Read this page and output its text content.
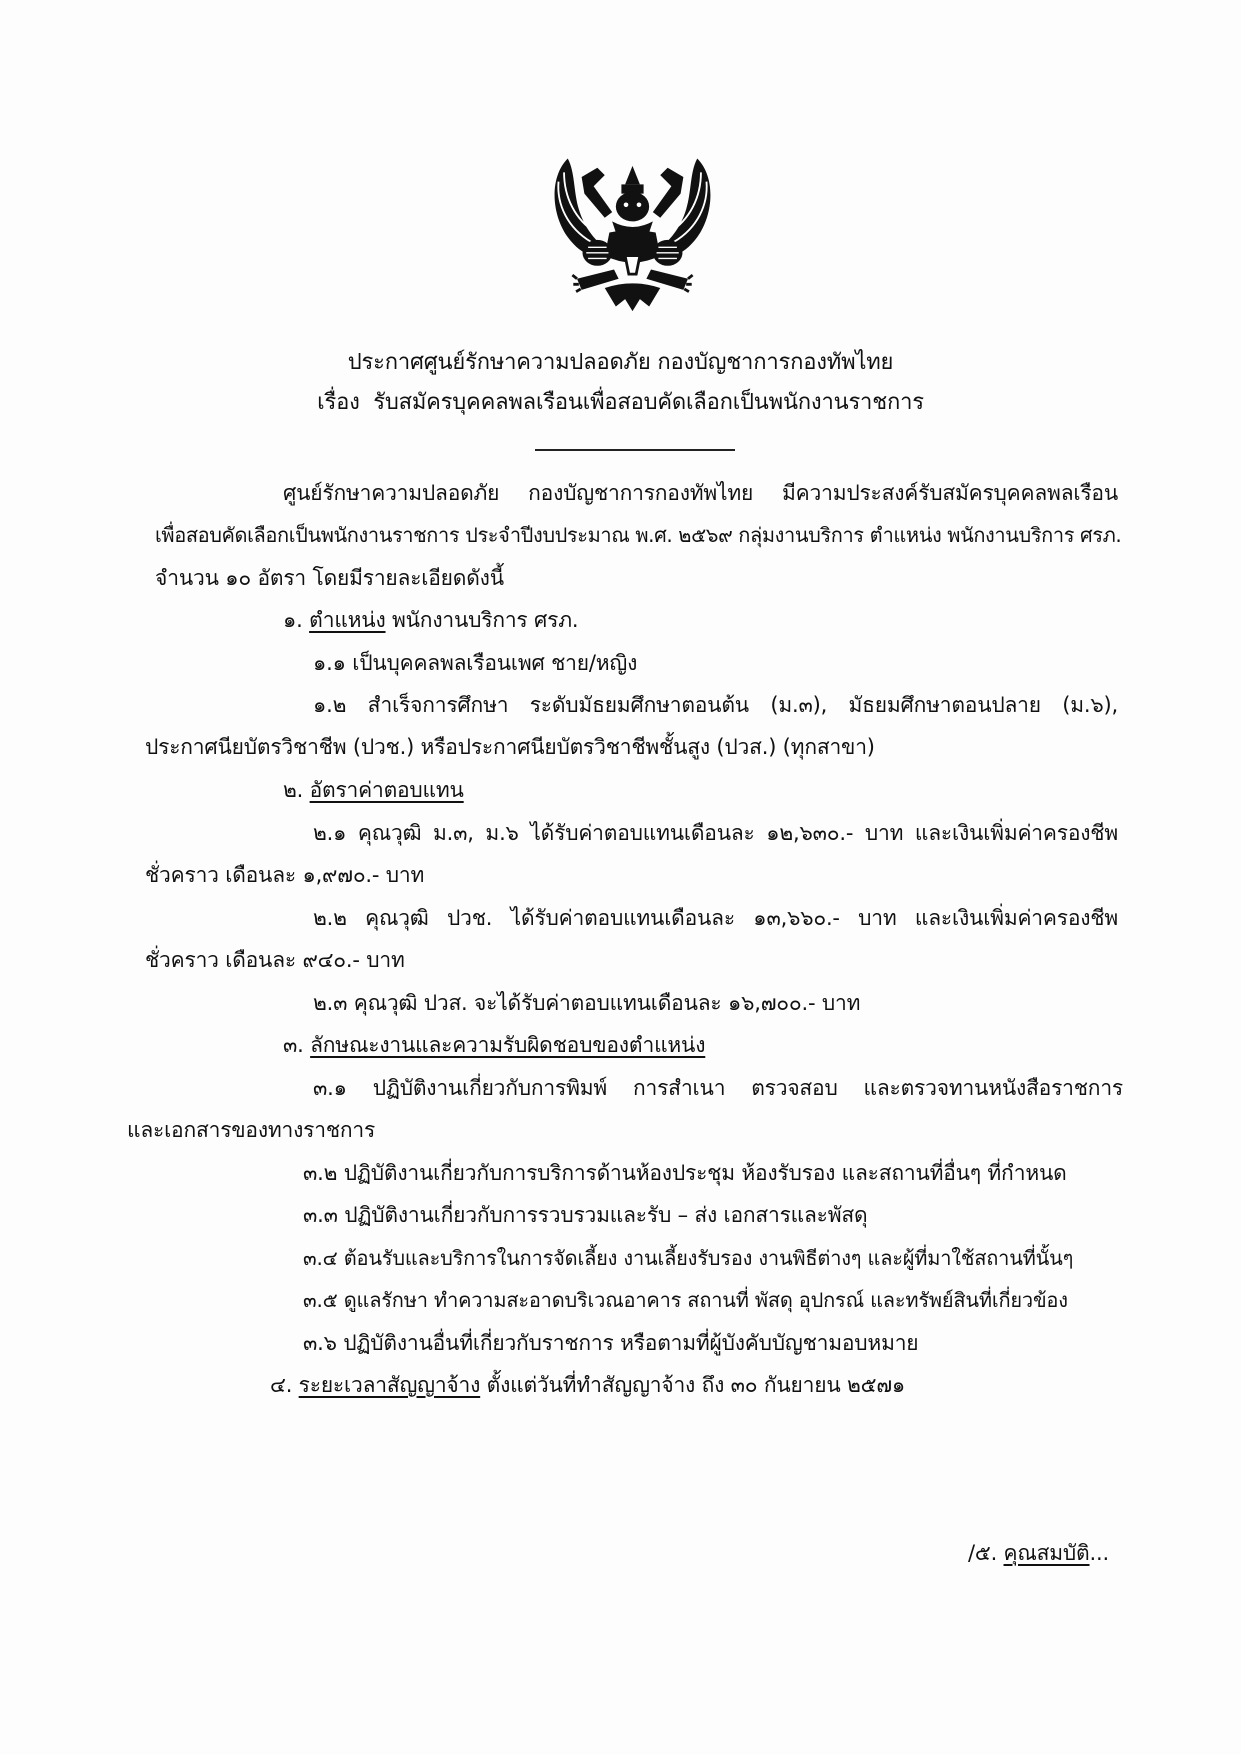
ประกาศศูนย์รักษาความปลอดภัย กองบัญชาการกองทัพไทย
เรื่อง รับสมัครบุคคลพลเรือนเพื่อสอบคัดเลือกเป็นพนักงานราชการ
ศูนย์รักษาความปลอดภัย กองบัญชาการกองทัพไทย มีความประสงค์รับสมัครบุคคลพลเรือน
เพื่อสอบคัดเลือกเป็นพนักงานราชการ ประจำปีงบประมาณ พ.ศ. ๒๕๖๙ กลุ่มงานบริการ ตำแหน่ง พนักงานบริการ ศรภ.
จำนวน ๑๐ อัตรา โดยมีรายละเอียดดังนี้
๑. ตำแหน่ง พนักงานบริการ ศรภ.
๑.๑ เป็นบุคคลพลเรือนเพศ ชาย/หญิง
๑.๒ สำเร็จการศึกษา ระดับมัธยมศึกษาตอนต้น (ม.๓), มัธยมศึกษาตอนปลาย (ม.๖),
ประกาศนียบัตรวิชาชีพ (ปวช.) หรือประกาศนียบัตรวิชาชีพชั้นสูง (ปวส.) (ทุกสาขา)
๒. อัตราค่าตอบแทน
๒.๑ คุณวุฒิ ม.๓, ม.๖ ได้รับค่าตอบแทนเดือนละ ๑๒,๖๓๐.- บาท และเงินเพิ่มค่าครองชีพ
ชั่วคราว เดือนละ ๑,๙๗๐.- บาท
๒.๒ คุณวุฒิ ปวช. ได้รับค่าตอบแทนเดือนละ ๑๓,๖๖๐.- บาท และเงินเพิ่มค่าครองชีพ
ชั่วคราว เดือนละ ๙๔๐.- บาท
๒.๓ คุณวุฒิ ปวส. จะได้รับค่าตอบแทนเดือนละ ๑๖,๗๐๐.- บาท
๓. ลักษณะงานและความรับผิดชอบของตำแหน่ง
๓.๑ ปฏิบัติงานเกี่ยวกับการพิมพ์ การสำเนา ตรวจสอบ และตรวจทานหนังสือราชการ
และเอกสารของทางราชการ
๓.๒ ปฏิบัติงานเกี่ยวกับการบริการด้านห้องประชุม ห้องรับรอง และสถานที่อื่นๆ ที่กำหนด
๓.๓ ปฏิบัติงานเกี่ยวกับการรวบรวมและรับ – ส่ง เอกสารและพัสดุ
๓.๔ ต้อนรับและบริการในการจัดเลี้ยง งานเลี้ยงรับรอง งานพิธีต่างๆ และผู้ที่มาใช้สถานที่นั้นๆ
๓.๕ ดูแลรักษา ทำความสะอาดบริเวณอาคาร สถานที่ พัสดุ อุปกรณ์ และทรัพย์สินที่เกี่ยวข้อง
๓.๖ ปฏิบัติงานอื่นที่เกี่ยวกับราชการ หรือตามที่ผู้บังคับบัญชามอบหมาย
๔. ระยะเวลาสัญญาจ้าง ตั้งแต่วันที่ทำสัญญาจ้าง ถึง ๓๐ กันยายน ๒๕๗๑
/๕. คุณสมบัติ...
